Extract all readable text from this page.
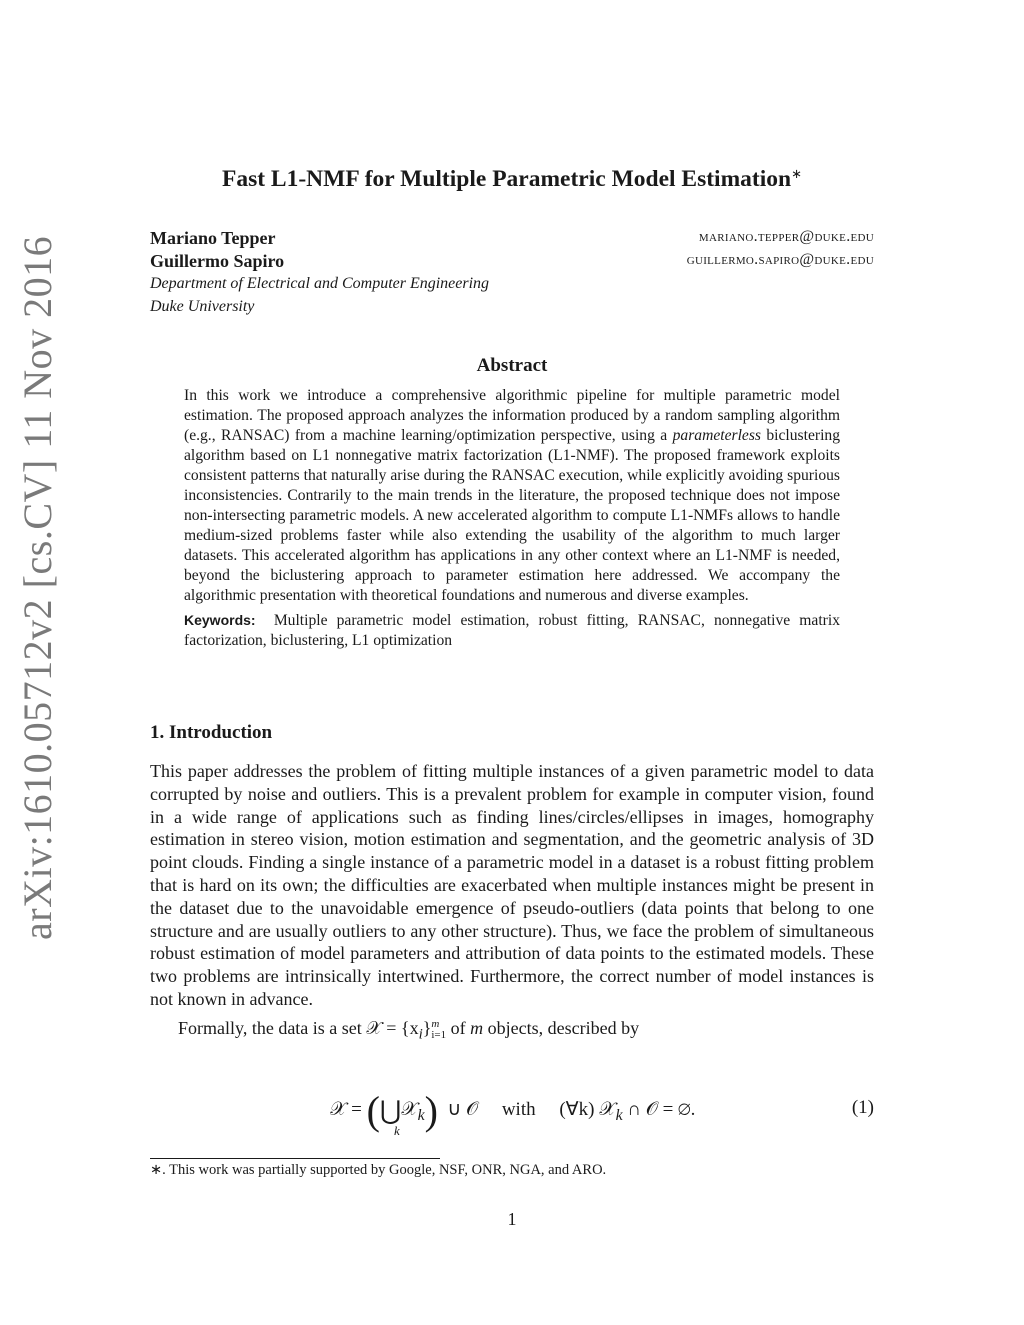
arXiv:1610.05712v2 [cs.CV] 11 Nov 2016
Fast L1-NMF for Multiple Parametric Model Estimation∗
Mariano Tepper	mariano.tepper@duke.edu
Guillermo Sapiro	guillermo.sapiro@duke.edu
Department of Electrical and Computer Engineering
Duke University
Abstract

In this work we introduce a comprehensive algorithmic pipeline for multiple parametric model estimation. The proposed approach analyzes the information produced by a random sampling algorithm (e.g., RANSAC) from a machine learning/optimization perspective, using a parameterless biclustering algorithm based on L1 nonnegative matrix factorization (L1-NMF). The proposed framework exploits consistent patterns that naturally arise during the RANSAC execution, while explicitly avoiding spurious inconsistencies. Contrarily to the main trends in the literature, the proposed technique does not impose non-intersecting parametric models. A new accelerated algorithm to compute L1-NMFs allows to handle medium-sized problems faster while also extending the usability of the algorithm to much larger datasets. This accelerated algorithm has applications in any other context where an L1-NMF is needed, beyond the biclustering approach to parameter estimation here addressed. We accompany the algorithmic presentation with theoretical foundations and numerous and diverse examples.

Keywords: Multiple parametric model estimation, robust fitting, RANSAC, nonnegative matrix factorization, biclustering, L1 optimization

1. Introduction

This paper addresses the problem of fitting multiple instances of a given parametric model to data corrupted by noise and outliers. This is a prevalent problem for example in computer vision, found in a wide range of applications such as finding lines/circles/ellipses in images, homography estimation in stereo vision, motion estimation and segmentation, and the geometric analysis of 3D point clouds. Finding a single instance of a parametric model in a dataset is a robust fitting problem that is hard on its own; the difficulties are exacerbated when multiple instances might be present in the dataset due to the unavoidable emergence of pseudo-outliers (data points that belong to one structure and are usually outliers to any other structure). Thus, we face the problem of simultaneous robust estimation of model parameters and attribution of data points to the estimated models. These two problems are intrinsically intertwined. Furthermore, the correct number of model instances is not known in advance.

Formally, the data is a set 𝒳 = $\{x_i\}^m_{i=1}$ of m objects, described by

𝒳 = (⋃𝒳$_k$)
k
∪ 𝒪 with (∀k) 𝒳$_k$ ∩ 𝒪 = ∅.	(1)
∗. This work was partially supported by Google, NSF, ONR, NGA, and ARO.
1
